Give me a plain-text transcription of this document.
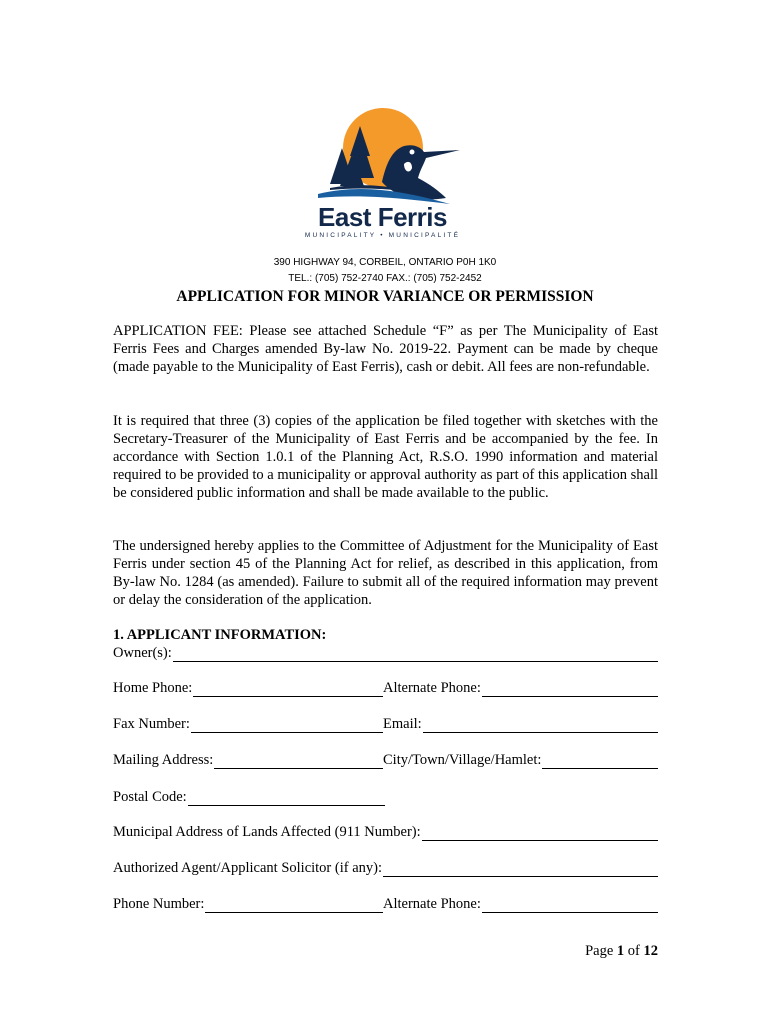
East Ferris
MUNICIPALITY • MUNICIPALITÉ
390 HIGHWAY 94, CORBEIL, ONTARIO P0H 1K0
TEL.: (705) 752-2740 FAX.: (705) 752-2452
APPLICATION FOR MINOR VARIANCE OR PERMISSION
APPLICATION FEE: Please see attached Schedule “F” as per The Municipality of East Ferris Fees and Charges amended By-law No. 2019-22. Payment can be made by cheque (made payable to the Municipality of East Ferris), cash or debit. All fees are non-refundable.
It is required that three (3) copies of the application be filed together with sketches with the Secretary-Treasurer of the Municipality of East Ferris and be accompanied by the fee. In accordance with Section 1.0.1 of the Planning Act, R.S.O. 1990 information and material required to be provided to a municipality or approval authority as part of this application shall be considered public information and shall be made available to the public.
The undersigned hereby applies to the Committee of Adjustment for the Municipality of East Ferris under section 45 of the Planning Act for relief, as described in this application, from By-law No. 1284 (as amended). Failure to submit all of the required information may prevent or delay the consideration of the application.
1. APPLICANT INFORMATION:
Owner(s):
Home Phone:	Alternate Phone:
Fax Number:	Email:
Mailing Address:	City/Town/Village/Hamlet:
Postal Code:
Municipal Address of Lands Affected (911 Number):
Authorized Agent/Applicant Solicitor (if any):
Phone Number:	Alternate Phone:
Page 1 of 12
